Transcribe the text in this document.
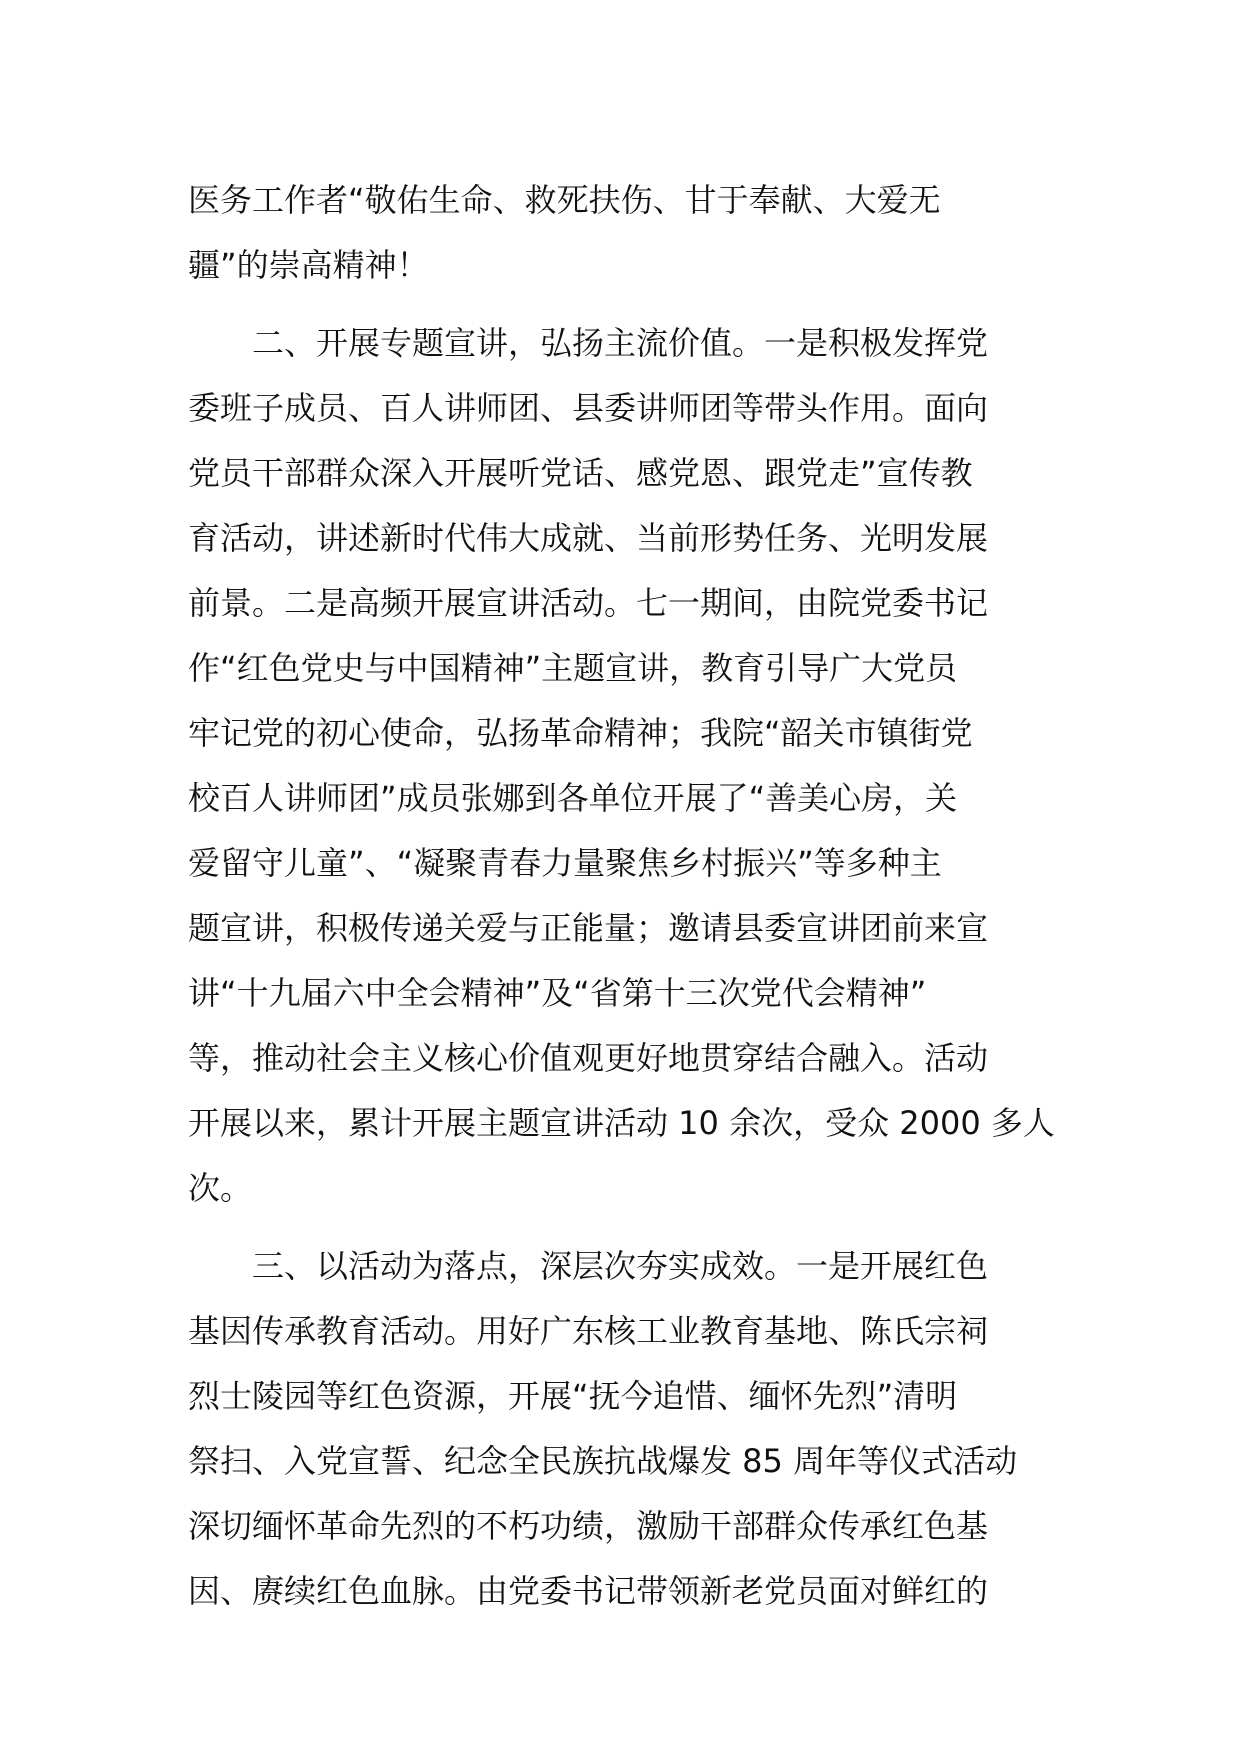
医务工作者“敬佑生命、救死扶伤、甘于奉献、大爱无
疆”的崇高精神！
　　二、开展专题宣讲，弘扬主流价值。一是积极发挥党
委班子成员、百人讲师团、县委讲师团等带头作用。面向
党员干部群众深入开展听党话、感党恩、跟党走”宣传教
育活动，讲述新时代伟大成就、当前形势任务、光明发展
前景。二是高频开展宣讲活动。七一期间，由院党委书记
作“红色党史与中国精神”主题宣讲，教育引导广大党员
牢记党的初心使命，弘扬革命精神；我院“韶关市镇街党
校百人讲师团”成员张娜到各单位开展了“善美心房，关
爱留守儿童”、“凝聚青春力量聚焦乡村振兴”等多种主
题宣讲，积极传递关爱与正能量；邀请县委宣讲团前来宣
讲“十九届六中全会精神”及“省第十三次党代会精神”
等，推动社会主义核心价值观更好地贯穿结合融入。活动
开展以来，累计开展主题宣讲活动 10 余次，受众 2000 多人
次。
　　三、以活动为落点，深层次夯实成效。一是开展红色
基因传承教育活动。用好广东核工业教育基地、陈氏宗祠
烈士陵园等红色资源，开展“抚今追惜、缅怀先烈”清明
祭扫、入党宣誓、纪念全民族抗战爆发 85 周年等仪式活动
深切缅怀革命先烈的不朽功绩，激励干部群众传承红色基
因、赓续红色血脉。由党委书记带领新老党员面对鲜红的
